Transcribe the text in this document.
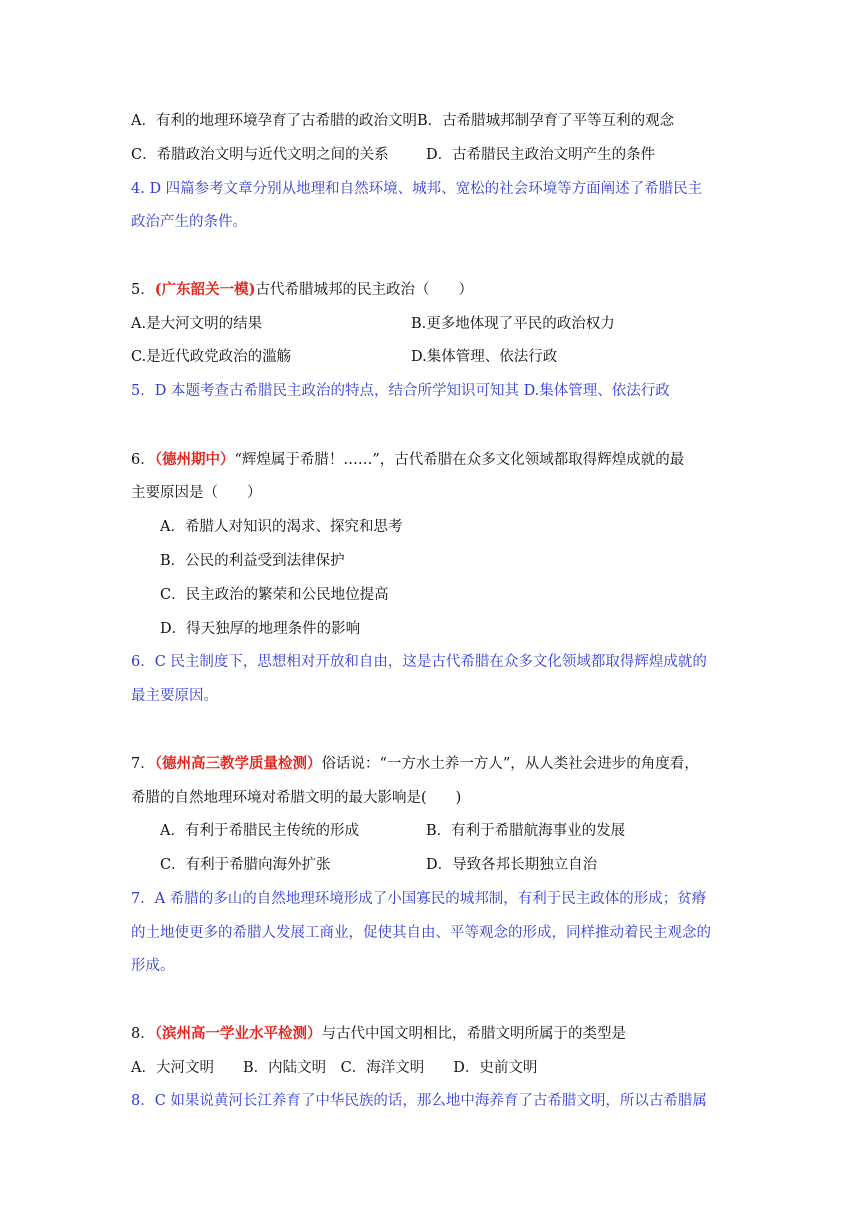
A．有利的地理环境孕育了古希腊的政治文明B．古希腊城邦制孕育了平等互利的观念
C．希腊政治文明与近代文明之间的关系	D．古希腊民主政治文明产生的条件
4. D 四篇参考文章分别从地理和自然环境、城邦、宽松的社会环境等方面阐述了希腊民主
政治产生的条件。
5．(广东韶关一模)古代希腊城邦的民主政治（　　）
A.是大河文明的结果	B.更多地体现了平民的政治权力
C.是近代政党政治的滥觞	D.集体管理、依法行政
5．D 本题考查古希腊民主政治的特点，结合所学知识可知其 D.集体管理、依法行政
6．（德州期中）“辉煌属于希腊！……”，古代希腊在众多文化领域都取得辉煌成就的最
主要原因是（　　）
A．希腊人对知识的渴求、探究和思考
B．公民的利益受到法律保护
C．民主政治的繁荣和公民地位提高
D．得天独厚的地理条件的影响
6．C 民主制度下，思想相对开放和自由，这是古代希腊在众多文化领域都取得辉煌成就的
最主要原因。
7．（德州高三教学质量检测）俗话说：“一方水土养一方人”，从人类社会进步的角度看，
希腊的自然地理环境对希腊文明的最大影响是(　　)
A．有利于希腊民主传统的形成	B．有利于希腊航海事业的发展
C．有利于希腊向海外扩张	D．导致各邦长期独立自治
7．A 希腊的多山的自然地理环境形成了小国寡民的城邦制，有利于民主政体的形成；贫瘠
的土地使更多的希腊人发展工商业，促使其自由、平等观念的形成，同样推动着民主观念的
形成。
8．（滨州高一学业水平检测）与古代中国文明相比，希腊文明所属于的类型是
A．大河文明　　B．内陆文明　C．海洋文明　　D．史前文明
8．C 如果说黄河长江养育了中华民族的话，那么地中海养育了古希腊文明，所以古希腊属
